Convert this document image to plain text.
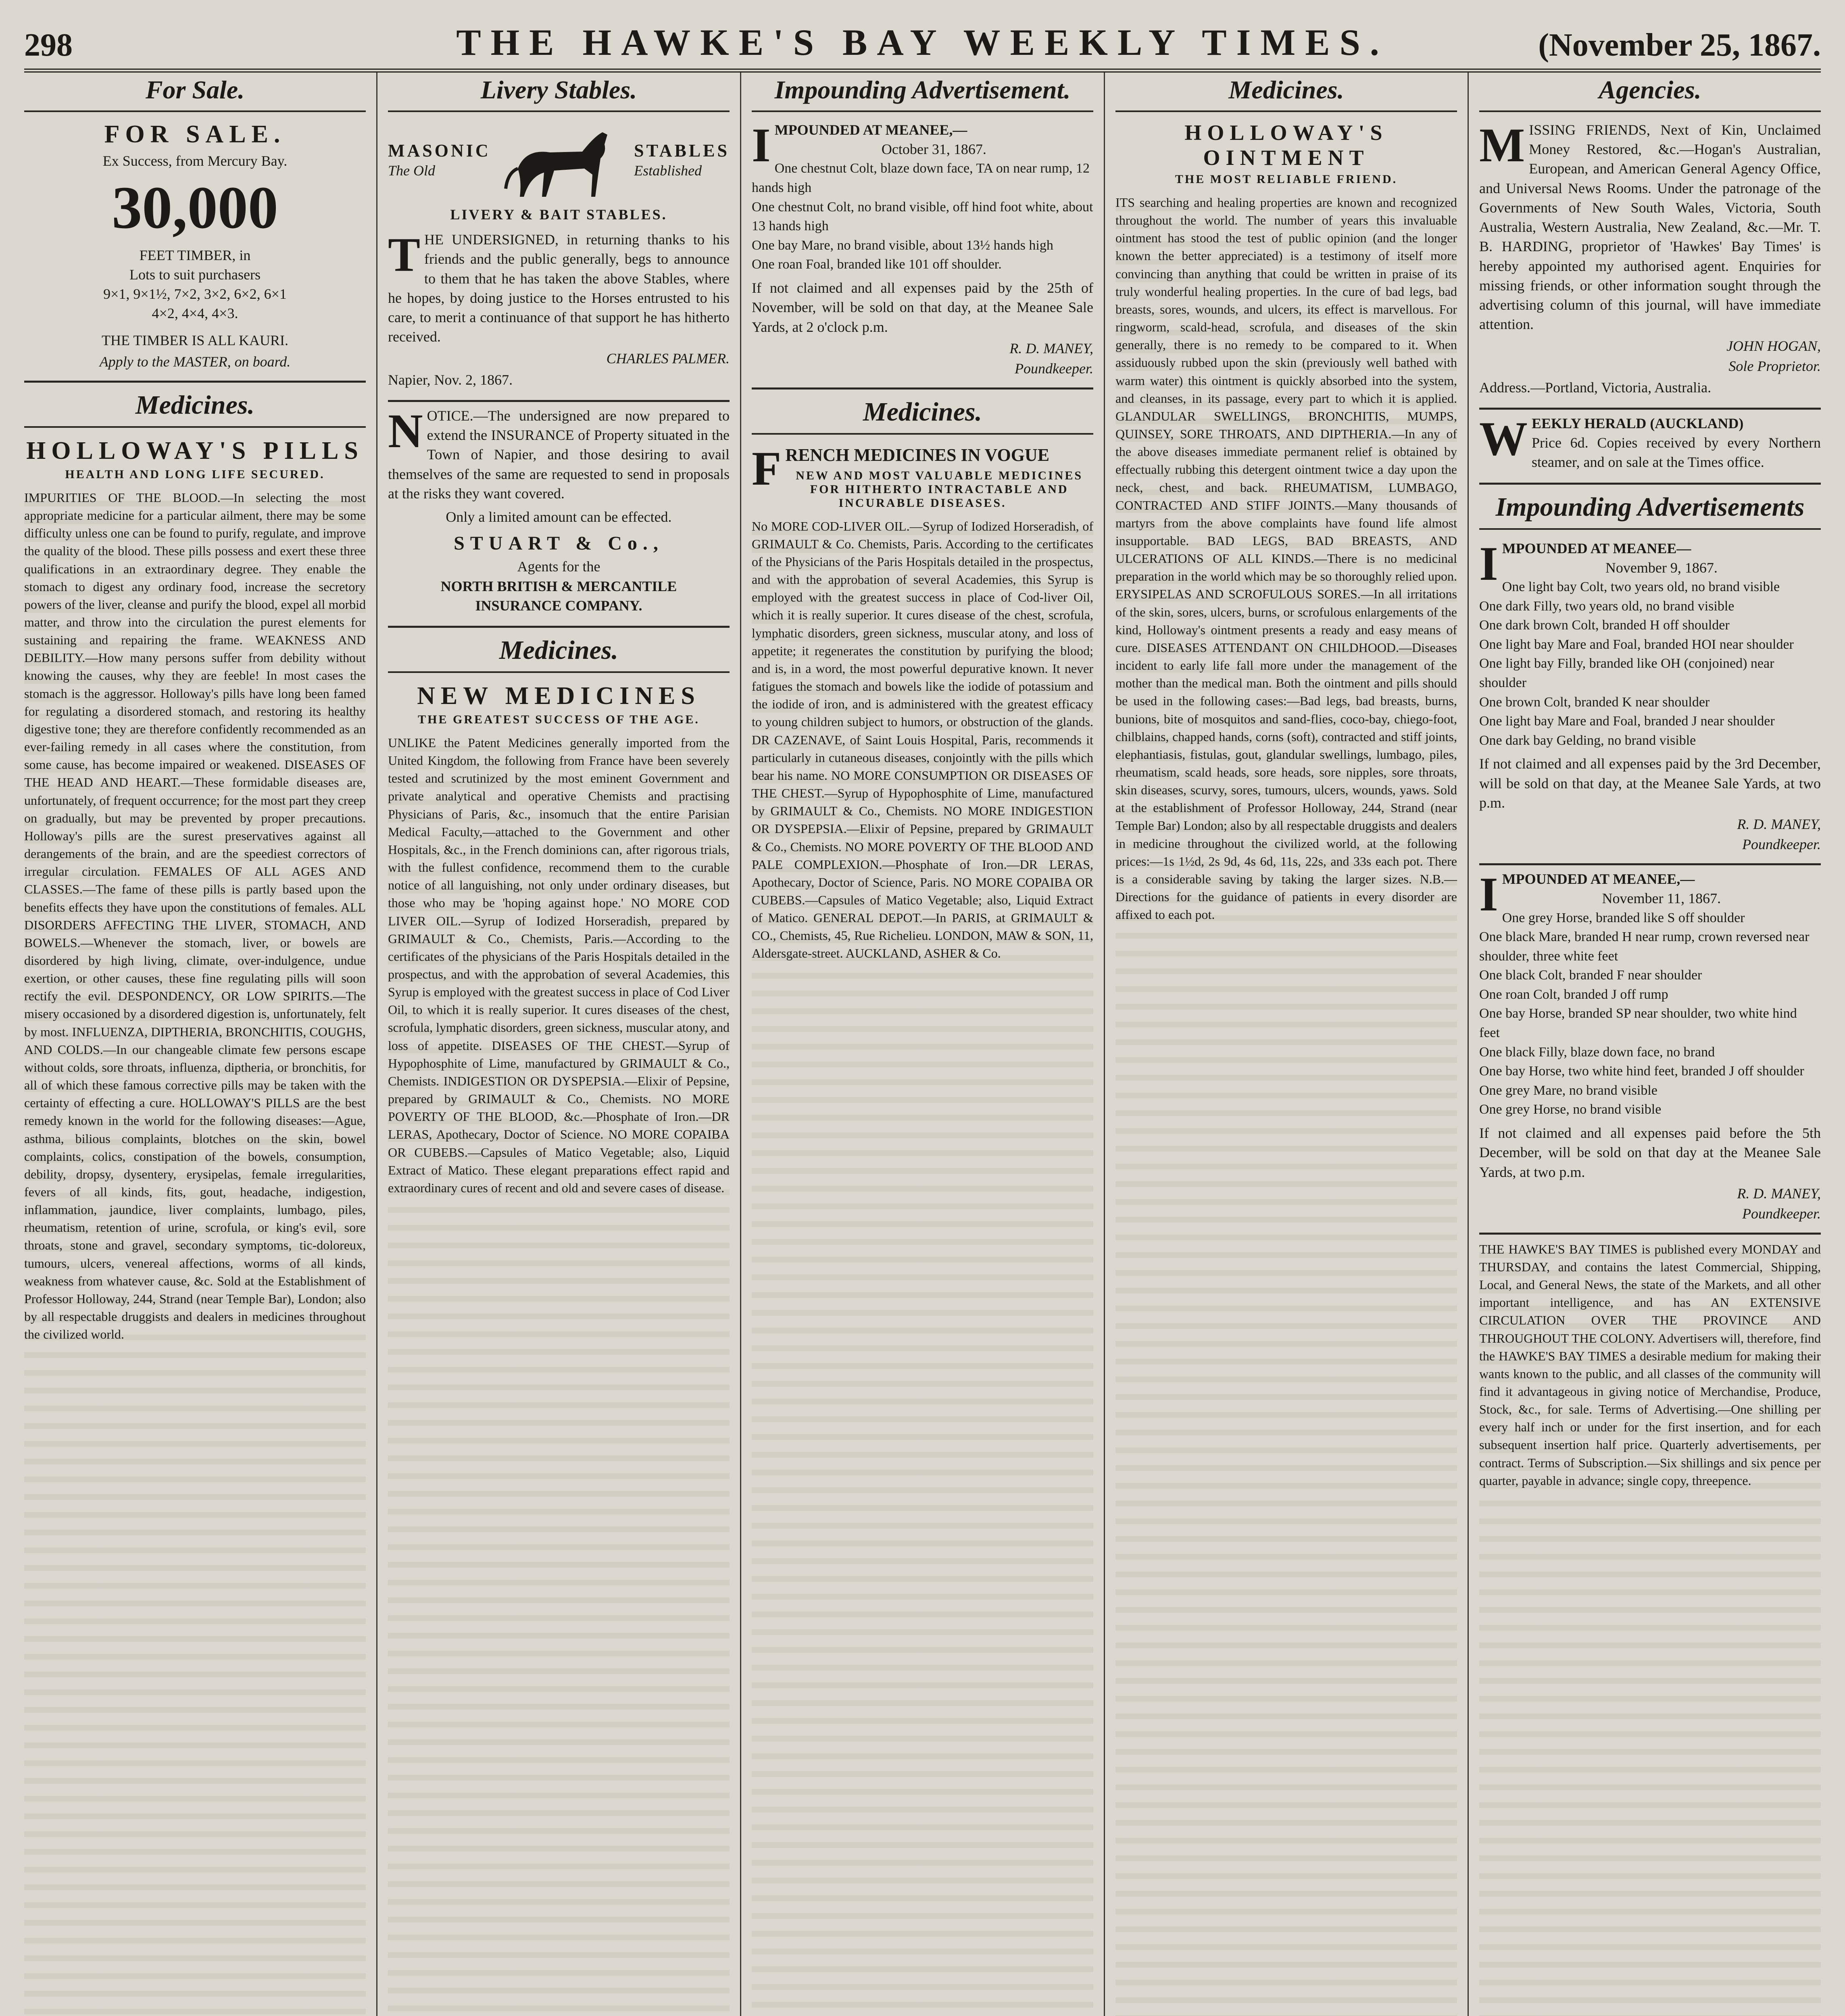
298	THE HAWKE'S BAY WEEKLY TIMES.	(November 25, 1867.
For Sale.
FOR SALE.

Ex Success, from Mercury Bay.

30,000

FEET TIMBER, in

Lots to suit purchasers

9×1, 9×1½, 7×2, 3×2, 6×2, 6×1

4×2, 4×4, 4×3.

THE TIMBER IS ALL KAURI.

Apply to the MASTER, on board.

Medicines.
HOLLOWAY'S PILLS
HEALTH AND LONG LIFE SECURED.
IMPURITIES OF THE BLOOD.—In selecting the most appropriate medicine for a particular ailment, there may be some difficulty unless one can be found to purify, regulate, and improve the quality of the blood. These pills possess and exert these three qualifications in an extraordinary degree. They enable the stomach to digest any ordinary food, increase the secretory powers of the liver, cleanse and purify the blood, expel all morbid matter, and throw into the circulation the purest elements for sustaining and repairing the frame. WEAKNESS AND DEBILITY.—How many persons suffer from debility without knowing the causes, why they are feeble! In most cases the stomach is the aggressor. Holloway's pills have long been famed for regulating a disordered stomach, and restoring its healthy digestive tone; they are therefore confidently recommended as an ever-failing remedy in all cases where the constitution, from some cause, has become impaired or weakened. DISEASES OF THE HEAD AND HEART.—These formidable diseases are, unfortunately, of frequent occurrence; for the most part they creep on gradually, but may be prevented by proper precautions. Holloway's pills are the surest preservatives against all derangements of the brain, and are the speediest correctors of irregular circulation. FEMALES OF ALL AGES AND CLASSES.—The fame of these pills is partly based upon the benefits effects they have upon the constitutions of females. ALL DISORDERS AFFECTING THE LIVER, STOMACH, AND BOWELS.—Whenever the stomach, liver, or bowels are disordered by high living, climate, over-indulgence, undue exertion, or other causes, these fine regulating pills will soon rectify the evil. DESPONDENCY, OR LOW SPIRITS.—The misery occasioned by a disordered digestion is, unfortunately, felt by most. INFLUENZA, DIPTHERIA, BRONCHITIS, COUGHS, AND COLDS.—In our changeable climate few persons escape without colds, sore throats, influenza, diptheria, or bronchitis, for all of which these famous corrective pills may be taken with the certainty of effecting a cure. HOLLOWAY'S PILLS are the best remedy known in the world for the following diseases:—Ague, asthma, bilious complaints, blotches on the skin, bowel complaints, colics, constipation of the bowels, consumption, debility, dropsy, dysentery, erysipelas, female irregularities, fevers of all kinds, fits, gout, headache, indigestion, inflammation, jaundice, liver complaints, lumbago, piles, rheumatism, retention of urine, scrofula, or king's evil, sore throats, stone and gravel, secondary symptoms, tic-doloreux, tumours, ulcers, venereal affections, worms of all kinds, weakness from whatever cause, &c. Sold at the Establishment of Professor Holloway, 244, Strand (near Temple Bar), London; also by all respectable druggists and dealers in medicines throughout the civilized world.
Livery Stables.
MASONIC
The Old
STABLES
Established

LIVERY & BAIT STABLES.

THE UNDERSIGNED, in returning thanks to his friends and the public generally, begs to announce to them that he has taken the above Stables, where he hopes, by doing justice to the Horses entrusted to his care, to merit a continuance of that support he has hitherto received.

CHARLES PALMER.

Napier, Nov. 2, 1867.

NOTICE.—The undersigned are now prepared to extend the INSURANCE of Property situated in the Town of Napier, and those desiring to avail themselves of the same are requested to send in proposals at the risks they want covered.

Only a limited amount can be effected.

STUART & Co.,

Agents for the

NORTH BRITISH & MERCANTILE

INSURANCE COMPANY.

Medicines.
NEW MEDICINES
THE GREATEST SUCCESS OF THE AGE.
UNLIKE the Patent Medicines generally imported from the United Kingdom, the following from France have been severely tested and scrutinized by the most eminent Government and private analytical and operative Chemists and practising Physicians of Paris, &c., insomuch that the entire Parisian Medical Faculty,—attached to the Government and other Hospitals, &c., in the French dominions can, after rigorous trials, with the fullest confidence, recommend them to the curable notice of all languishing, not only under ordinary diseases, but those who may be 'hoping against hope.' NO MORE COD LIVER OIL.—Syrup of Iodized Horseradish, prepared by GRIMAULT & Co., Chemists, Paris.—According to the certificates of the physicians of the Paris Hospitals detailed in the prospectus, and with the approbation of several Academies, this Syrup is employed with the greatest success in place of Cod Liver Oil, to which it is really superior. It cures diseases of the chest, scrofula, lymphatic disorders, green sickness, muscular atony, and loss of appetite. DISEASES OF THE CHEST.—Syrup of Hypophosphite of Lime, manufactured by GRIMAULT & Co., Chemists. INDIGESTION OR DYSPEPSIA.—Elixir of Pepsine, prepared by GRIMAULT & Co., Chemists. NO MORE POVERTY OF THE BLOOD, &c.—Phosphate of Iron.—DR LERAS, Apothecary, Doctor of Science. NO MORE COPAIBA OR CUBEBS.—Capsules of Matico Vegetable; also, Liquid Extract of Matico. These elegant preparations effect rapid and extraordinary cures of recent and old and severe cases of disease.
Impounding Advertisement.

IMPOUNDED AT MEANEE,—

October 31, 1867.

One chestnut Colt, blaze down face, TA on near rump, 12 hands high

One chestnut Colt, no brand visible, off hind foot white, about 13 hands high

One bay Mare, no brand visible, about 13½ hands high

One roan Foal, branded like 101 off shoulder.

If not claimed and all expenses paid by the 25th of November, will be sold on that day, at the Meanee Sale Yards, at 2 o'clock p.m.

R. D. MANEY,

Poundkeeper.

Medicines.

FRENCH MEDICINES IN VOGUE

NEW AND MOST VALUABLE MEDICINES FOR HITHERTO INTRACTABLE AND INCURABLE DISEASES.
No MORE COD-LIVER OIL.—Syrup of Iodized Horseradish, of GRIMAULT & Co. Chemists, Paris. According to the certificates of the Physicians of the Paris Hospitals detailed in the prospectus, and with the approbation of several Academies, this Syrup is employed with the greatest success in place of Cod-liver Oil, which it is really superior. It cures disease of the chest, scrofula, lymphatic disorders, green sickness, muscular atony, and loss of appetite; it regenerates the constitution by purifying the blood; and is, in a word, the most powerful depurative known. It never fatigues the stomach and bowels like the iodide of potassium and the iodide of iron, and is administered with the greatest efficacy to young children subject to humors, or obstruction of the glands. DR CAZENAVE, of Saint Louis Hospital, Paris, recommends it particularly in cutaneous diseases, conjointly with the pills which bear his name. NO MORE CONSUMPTION OR DISEASES OF THE CHEST.—Syrup of Hypophosphite of Lime, manufactured by GRIMAULT & Co., Chemists. NO MORE INDIGESTION OR DYSPEPSIA.—Elixir of Pepsine, prepared by GRIMAULT & Co., Chemists. NO MORE POVERTY OF THE BLOOD AND PALE COMPLEXION.—Phosphate of Iron.—DR LERAS, Apothecary, Doctor of Science, Paris. NO MORE COPAIBA OR CUBEBS.—Capsules of Matico Vegetable; also, Liquid Extract of Matico. GENERAL DEPOT.—In PARIS, at GRIMAULT & CO., Chemists, 45, Rue Richelieu. LONDON, MAW & SON, 11, Aldersgate-street. AUCKLAND, ASHER & Co.

Medicines.
HOLLOWAY'S OINTMENT
THE MOST RELIABLE FRIEND.
ITS searching and healing properties are known and recognized throughout the world. The number of years this invaluable ointment has stood the test of public opinion (and the longer known the better appreciated) is a testimony of itself more convincing than anything that could be written in praise of its truly wonderful healing properties. In the cure of bad legs, bad breasts, sores, wounds, and ulcers, its effect is marvellous. For ringworm, scald-head, scrofula, and diseases of the skin generally, there is no remedy to be compared to it. When assiduously rubbed upon the skin (previously well bathed with warm water) this ointment is quickly absorbed into the system, and cleanses, in its passage, every part to which it is applied. GLANDULAR SWELLINGS, BRONCHITIS, MUMPS, QUINSEY, SORE THROATS, AND DIPTHERIA.—In any of the above diseases immediate permanent relief is obtained by effectually rubbing this detergent ointment twice a day upon the neck, chest, and back. RHEUMATISM, LUMBAGO, CONTRACTED AND STIFF JOINTS.—Many thousands of martyrs from the above complaints have found life almost insupportable. BAD LEGS, BAD BREASTS, AND ULCERATIONS OF ALL KINDS.—There is no medicinal preparation in the world which may be so thoroughly relied upon. ERYSIPELAS AND SCROFULOUS SORES.—In all irritations of the skin, sores, ulcers, burns, or scrofulous enlargements of the kind, Holloway's ointment presents a ready and easy means of cure. DISEASES ATTENDANT ON CHILDHOOD.—Diseases incident to early life fall more under the management of the mother than the medical man. Both the ointment and pills should be used in the following cases:—Bad legs, bad breasts, burns, bunions, bite of mosquitos and sand-flies, coco-bay, chiego-foot, chilblains, chapped hands, corns (soft), contracted and stiff joints, elephantiasis, fistulas, gout, glandular swellings, lumbago, piles, rheumatism, scald heads, sore heads, sore nipples, sore throats, skin diseases, scurvy, sores, tumours, ulcers, wounds, yaws. Sold at the establishment of Professor Holloway, 244, Strand (near Temple Bar) London; also by all respectable druggists and dealers in medicine throughout the civilized world, at the following prices:—1s 1½d, 2s 9d, 4s 6d, 11s, 22s, and 33s each pot. There is a considerable saving by taking the larger sizes. N.B.—Directions for the guidance of patients in every disorder are affixed to each pot.

Agencies.

MISSING FRIENDS, Next of Kin, Unclaimed Money Restored, &c.—Hogan's Australian, European, and American General Agency Office, and Universal News Rooms. Under the patronage of the Governments of New South Wales, Victoria, South Australia, Western Australia, New Zealand, &c.—Mr. T. B. HARDING, proprietor of 'Hawkes' Bay Times' is hereby appointed my authorised agent. Enquiries for missing friends, or other information sought through the advertising column of this journal, will have immediate attention.

JOHN HOGAN,

Sole Proprietor.

Address.—Portland, Victoria, Australia.

WEEKLY HERALD (AUCKLAND)

Price 6d. Copies received by every Northern steamer, and on sale at the Times office.

Impounding Advertisements

IMPOUNDED AT MEANEE—

November 9, 1867.

One light bay Colt, two years old, no brand visible

One dark Filly, two years old, no brand visible

One dark brown Colt, branded H off shoulder

One light bay Mare and Foal, branded HOI near shoulder

One light bay Filly, branded like OH (conjoined) near shoulder

One brown Colt, branded K near shoulder

One light bay Mare and Foal, branded J near shoulder

One dark bay Gelding, no brand visible

If not claimed and all expenses paid by the 3rd December, will be sold on that day, at the Meanee Sale Yards, at two p.m.

R. D. MANEY,

Poundkeeper.

IMPOUNDED AT MEANEE,—

November 11, 1867.

One grey Horse, branded like S off shoulder

One black Mare, branded H near rump, crown reversed near shoulder, three white feet

One black Colt, branded F near shoulder

One roan Colt, branded J off rump

One bay Horse, branded SP near shoulder, two white hind feet

One black Filly, blaze down face, no brand

One bay Horse, two white hind feet, branded J off shoulder

One grey Mare, no brand visible

One grey Horse, no brand visible

If not claimed and all expenses paid before the 5th December, will be sold on that day at the Meanee Sale Yards, at two p.m.

R. D. MANEY,

Poundkeeper.

THE HAWKE'S BAY TIMES is published every MONDAY and THURSDAY, and contains the latest Commercial, Shipping, Local, and General News, the state of the Markets, and all other important intelligence, and has AN EXTENSIVE CIRCULATION OVER THE PROVINCE AND THROUGHOUT THE COLONY. Advertisers will, therefore, find the HAWKE'S BAY TIMES a desirable medium for making their wants known to the public, and all classes of the community will find it advantageous in giving notice of Merchandise, Produce, Stock, &c., for sale. Terms of Advertising.—One shilling per every half inch or under for the first insertion, and for each subsequent insertion half price. Quarterly advertisements, per contract. Terms of Subscription.—Six shillings and six pence per quarter, payable in advance; single copy, threepence.
